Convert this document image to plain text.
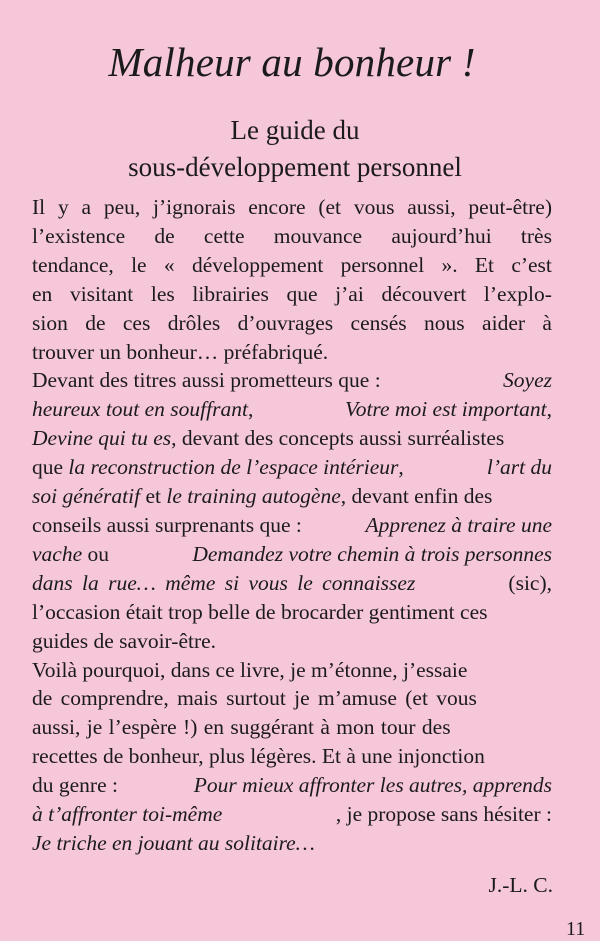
Malheur au bonheur !
Le guide du
sous-développement personnel
Il y a peu, j’ignorais encore (et vous aussi, peut-être)
l’existence de cette mouvance aujourd’hui très
tendance, le « développement personnel ». Et c’est
en visitant les librairies que j’ai découvert l’explo-
sion de ces drôles d’ouvrages censés nous aider à
trouver un bonheur… préfabriqué.
Devant des titres aussi prometteurs que :	Soyez
heureux tout en souffrant,	Votre moi est important,
Devine qui tu es, devant des concepts aussi surréalistes
que la reconstruction de l’espace intérieur,	l’art du
soi génératif et le training autogène, devant enfin des
conseils aussi surprenants que :	Apprenez à traire une
vache ou	Demandez votre chemin à trois personnes
dans la rue… même si vous le connaissez	(sic),
l’occasion était trop belle de brocarder gentiment ces
guides de savoir-être.
Voilà pourquoi, dans ce livre, je m’étonne, j’essaie
de comprendre, mais surtout je m’amuse (et vous
aussi, je l’espère !) en suggérant à mon tour des
recettes de bonheur, plus légères. Et à une injonction
du genre :	Pour mieux affronter les autres, apprends
à t’affronter toi-même	, je propose sans hésiter :
Je triche en jouant au solitaire…
J.-L. C.
11
